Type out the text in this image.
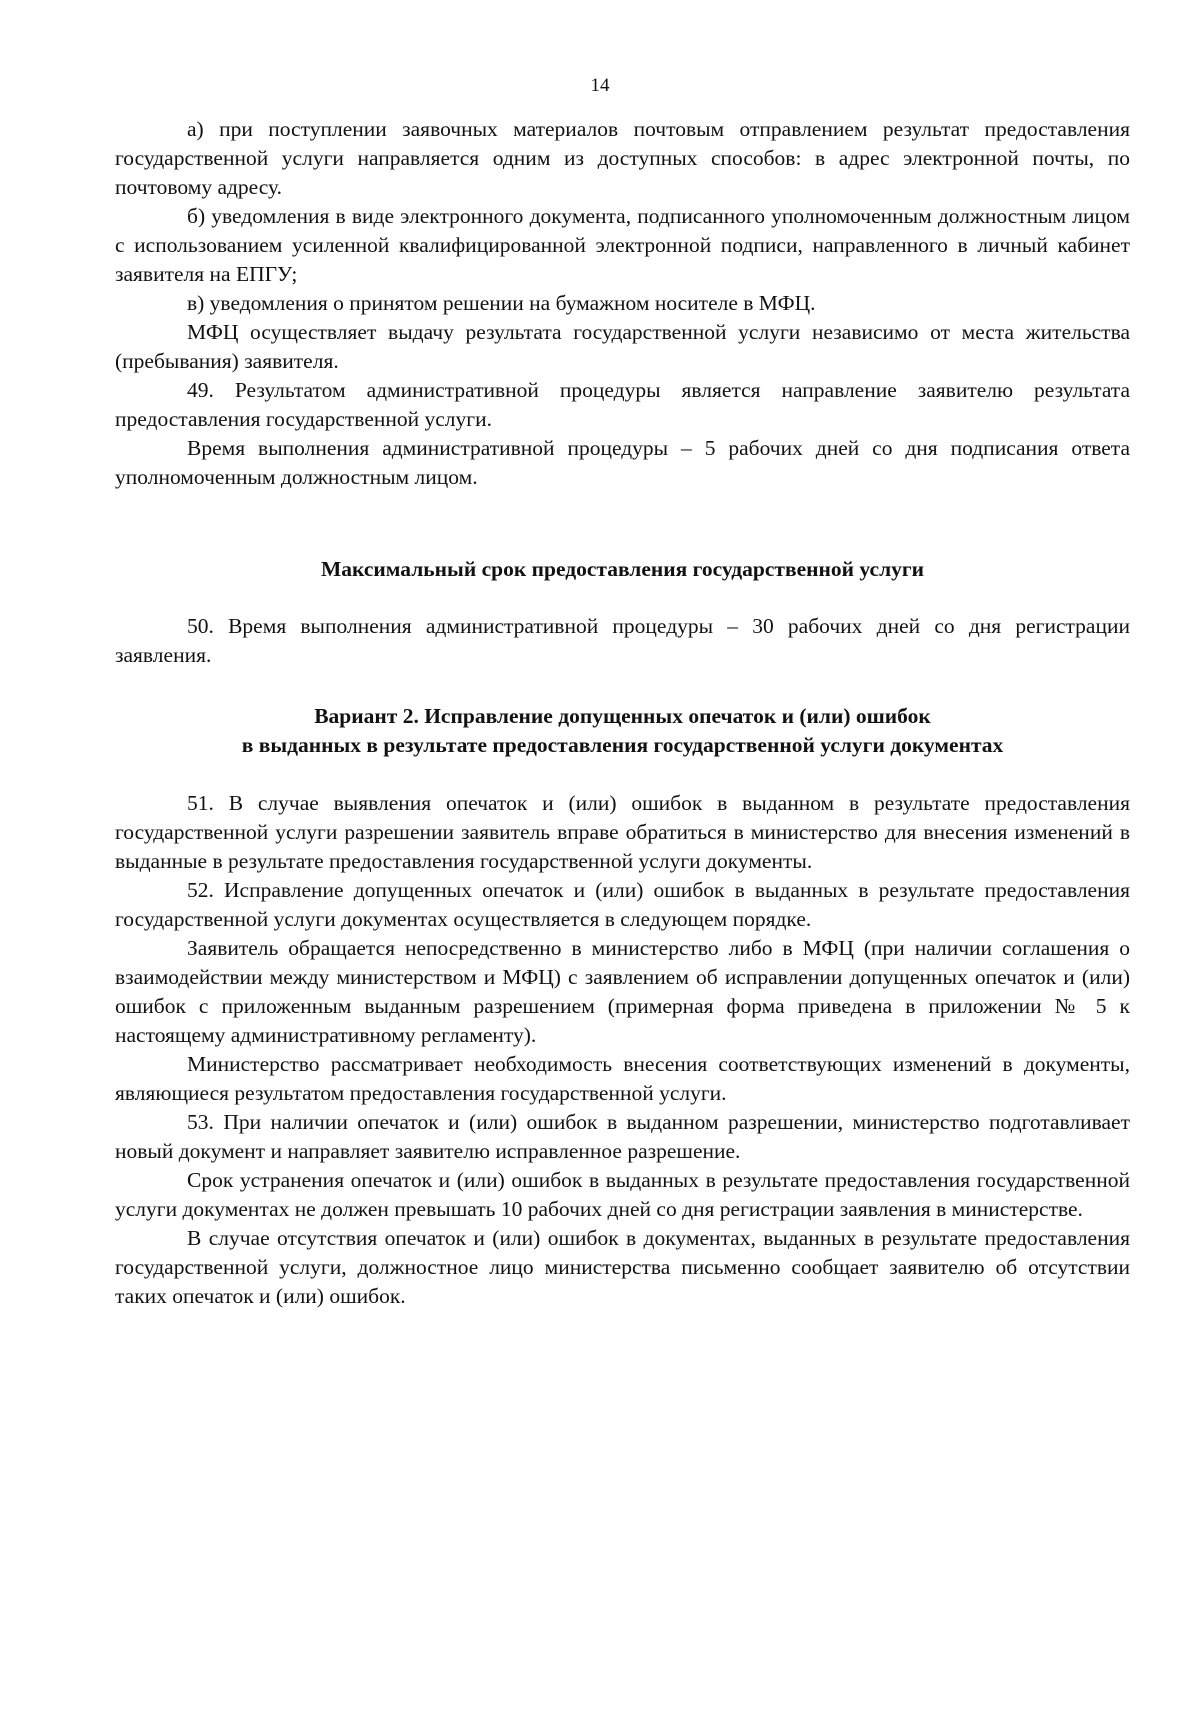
14

а) при поступлении заявочных материалов почтовым отправлением результат предоставления государственной услуги направляется одним из доступных способов: в адрес электронной почты, по почтовому адресу.

б) уведомления в виде электронного документа, подписанного уполномоченным должностным лицом с использованием усиленной квалифицированной электронной подписи, направленного в личный кабинет заявителя на ЕПГУ;

в) уведомления о принятом решении на бумажном носителе в МФЦ.

МФЦ осуществляет выдачу результата государственной услуги независимо от места жительства (пребывания) заявителя.

49. Результатом административной процедуры является направление заявителю результата предоставления государственной услуги.

Время выполнения административной процедуры – 5 рабочих дней со дня подписания ответа уполномоченным должностным лицом.

Максимальный срок предоставления государственной услуги

50. Время выполнения административной процедуры – 30 рабочих дней со дня регистрации заявления.

Вариант 2. Исправление допущенных опечаток и (или) ошибок
в выданных в результате предоставления государственной услуги документах

51. В случае выявления опечаток и (или) ошибок в выданном в результате предоставления государственной услуги разрешении заявитель вправе обратиться в министерство для внесения изменений в выданные в результате предоставления государственной услуги документы.

52. Исправление допущенных опечаток и (или) ошибок в выданных в результате предоставления государственной услуги документах осуществляется в следующем порядке.

Заявитель обращается непосредственно в министерство либо в МФЦ (при наличии соглашения о взаимодействии между министерством и МФЦ) с заявлением об исправлении допущенных опечаток и (или) ошибок с приложенным выданным разрешением (примерная форма приведена в приложении № 5 к настоящему административному регламенту).

Министерство рассматривает необходимость внесения соответствующих изменений в документы, являющиеся результатом предоставления государственной услуги.

53. При наличии опечаток и (или) ошибок в выданном разрешении, министерство подготавливает новый документ и направляет заявителю исправленное разрешение.

Срок устранения опечаток и (или) ошибок в выданных в результате предоставления государственной услуги документах не должен превышать 10 рабочих дней со дня регистрации заявления в министерстве.

В случае отсутствия опечаток и (или) ошибок в документах, выданных в результате предоставления государственной услуги, должностное лицо министерства письменно сообщает заявителю об отсутствии таких опечаток и (или) ошибок.
